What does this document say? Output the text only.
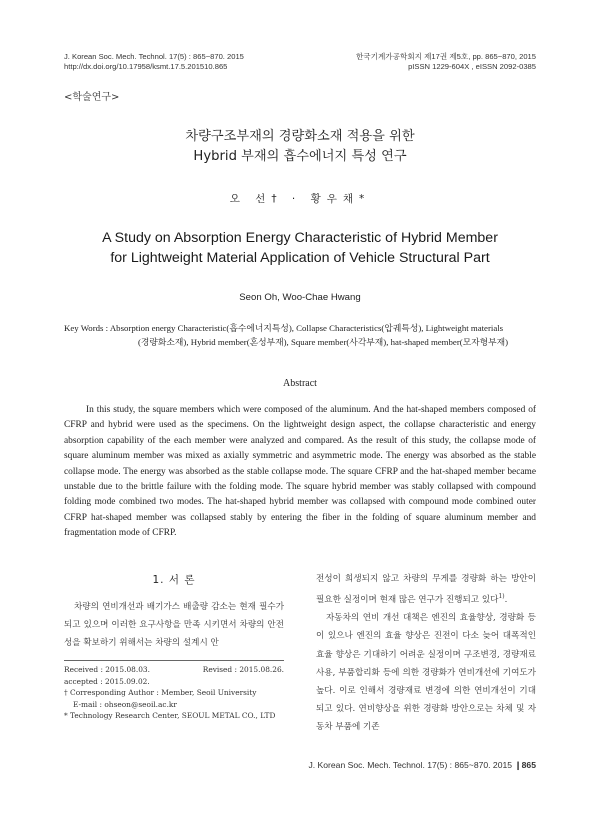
J. Korean Soc. Mech. Technol. 17(5) : 865~870. 2015
http://dx.doi.org/10.17958/ksmt.17.5.201510.865
한국기계가공학회지 제17권 제5호, pp. 865~870, 2015
pISSN 1229-604X , eISSN 2092-0385
<학술연구>
차량구조부재의 경량화소재 적용을 위한
Hybrid 부재의 흡수에너지 특성 연구
오 선† · 황우채*
A Study on Absorption Energy Characteristic of Hybrid Member
for Lightweight Material Application of Vehicle Structural Part
Seon Oh, Woo-Chae Hwang
Key Words : Absorption energy Characteristic(흡수에너지특성), Collapse Characteristics(압궤특성), Lightweight materials
(경량화소재), Hybrid member(혼성부재), Square member(사각부재), hat-shaped member(모자형부재)
Abstract
In this study, the square members which were composed of the aluminum. And the hat-shaped members composed of CFRP and hybrid were used as the specimens. On the lightweight design aspect, the collapse characteristic and energy absorption capability of the each member were analyzed and compared. As the result of this study, the collapse mode of square aluminum member was mixed as axially symmetric and asymmetric mode. The energy was absorbed as the stable collapse mode. The energy was absorbed as the stable collapse mode. The square CFRP and the hat-shaped member became unstable due to the brittle failure with the folding mode. The square hybrid member was stably collapsed with compound folding mode combined two modes. The hat-shaped hybrid member was collapsed with compound mode combined outer CFRP hat-shaped member was collapsed stably by entering the fiber in the folding of square aluminum member and fragmentation mode of CFRP.
1. 서 론
차량의 연비개선과 배기가스 배출량 감소는 현재 필수가 되고 있으며 이러한 요구사항을 만족 시키면서 차량의 안전성을 확보하기 위해서는 차량의 설계시 안
Received : 2015.08.03.	Revised : 2015.08.26.
accepted : 2015.09.02.
† Corresponding Author : Member, Seoil University
E-mail : ohseon@seoil.ac.kr
* Technology Research Center, SEOUL METAL CO., LTD

전성이 희생되지 않고 차량의 무게를 경량화 하는 방안이 필요한 실정이며 현재 많은 연구가 진행되고 있다$^{1)}$.

자동차의 연비 개선 대책은 엔진의 효율향상, 경량화 등이 있으나 엔진의 효율 향상은 진전이 다소 늦어 대폭적인 효율 향상은 기대하기 어려운 실정이며 구조변경, 경량재료 사용, 부품합리화 등에 의한 경량화가 연비개선에 기여도가 높다. 이로 인해서 경량재료 변경에 의한 연비개선이 기대되고 있다. 연비향상을 위한 경량화 방안으로는 차체 및 자동차 부품에 기존

J. Korean Soc. Mech. Technol. 17(5) : 865~870. 2015 ❙865
